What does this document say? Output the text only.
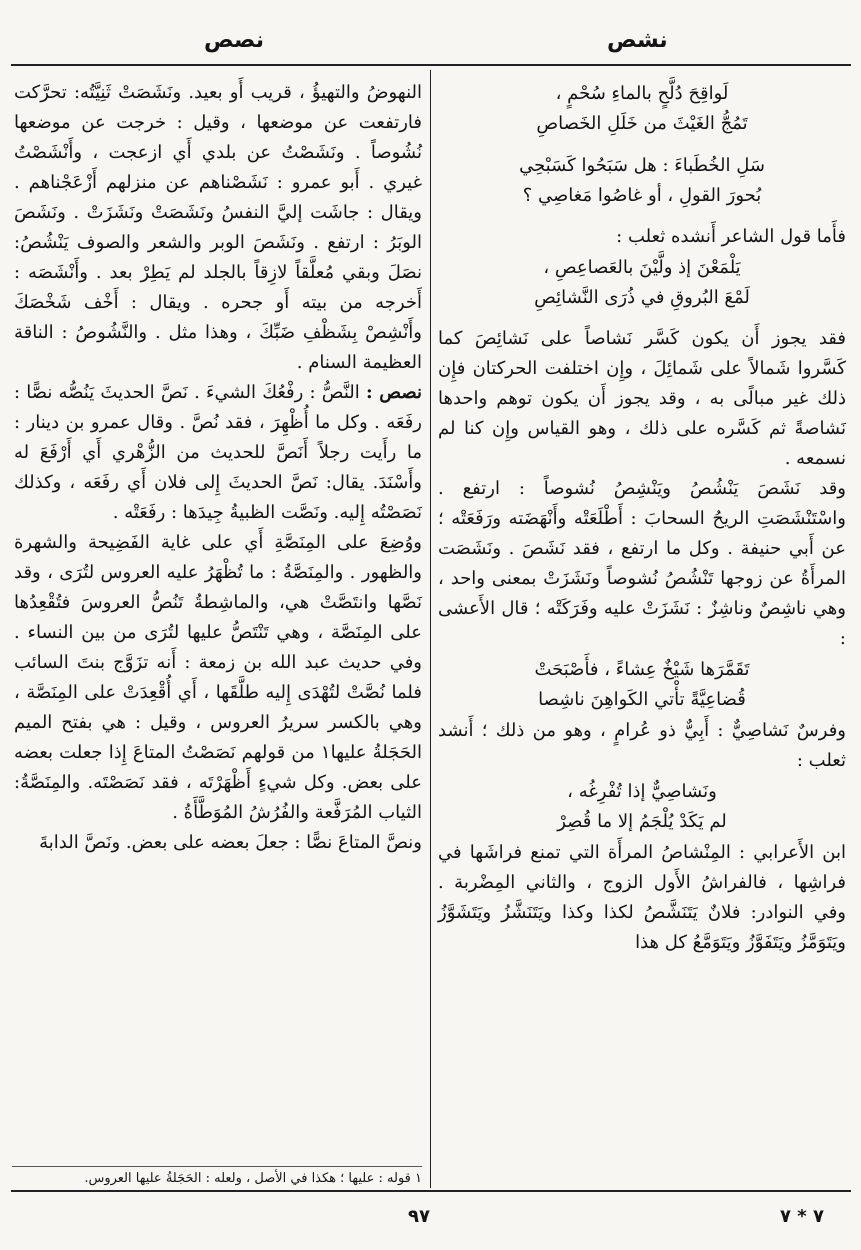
نشص
نصص

لَواقِحَ دُلَّحٍ بالماءِ سُحْمٍ ،

تَمُجُّ الغَيْثَ من خَلَلِ الخَصاصِ

سَلِ الخُطَباءَ : هل سَبَحُوا كَسَبْحِي

بُحورَ القولِ ، أو غاصُوا مَغاصِي ؟

فأَما قول الشاعر أَنشده ثعلب :

يَلْمَعْنَ إذ ولَّيْنَ بالعَصاعِصِ ،

لَمْعَ البُروقِ في ذُرَى النَّشائِصِ

فقد يجوز أَن يكون كَسَّر نَشاصاً على نَشائِصَ كما كَسَّروا شَمالاً على شَمائِلَ ، وإِن اختلفت الحركتان فإِن ذلك غير مبالًى به ، وقد يجوز أَن يكون توهم واحدها نَشاصةً ثم كَسَّره على ذلك ، وهو القياس وإِن كنا لم نسمعه .

وقد نَشَصَ يَنْشُصُ ويَنْشِصُ نُشوصاً : ارتفع . واسْتَنْشَصَتِ الريحُ السحابَ : أَطْلَعَتْه وأَنْهَضَته ورَفَعَتْه ؛ عن أَبي حنيفة . وكل ما ارتفع ، فقد نَشَصَ . ونَشَصَت المرأَةُ عن زوجها تَنْشُصُ نُشوصاً ونَشَزَتْ بمعنى واحد ، وهي ناشِصٌ وناشِزٌ : نَشَزَتْ عليه وفَرَكَتْه ؛ قال الأَعشى :

تَقَمَّرَها شَيْخٌ عِشاءً ، فأَصْبَحَتْ

قُضاعِيَّةً تأْتي الكَواهِنَ ناشِصا

وفرسٌ نَشاصِيٌّ : أَبِيٌّ ذو عُرامٍ ، وهو من ذلك ؛ أَنشد ثعلب :

ونَشاصِيٌّ إذا تُفْرِغُه ،

لم يَكَدْ يُلْجَمُ إلا ما قُصِرْ

ابن الأَعرابي : المِنْشاصُ المرأَة التي تمنع فراشَها في فراشِها ، فالفراشُ الأَول الزوج ، والثاني المِضْربة . وفي النوادر: فلانٌ يَتَنَشَّصُ لكذا وكذا ويَتَنَشَّزُ ويَتَشَوَّزُ ويَتَوَمَّزُ ويَتَفَوَّزُ ويَتَوَمَّعُ كل هذا

النهوضُ والتهيؤُ ، قريب أَو بعيد. ونَشَصَتْ ثَنِيَّتُه: تحرَّكت فارتفعت عن موضعها ، وقيل : خرجت عن موضعها نُشُوصاً . ونَشَصْتُ عن بلدي أَي ازعجت ، وأَنْشَصْتُ غيري . أَبو عمرو : نَشَصْناهم عن منزلهم أَزْعَجْناهم . ويقال : جاشَت إليَّ النفسُ ونَشَصَتْ ونَشَزَتْ . ونَشَصَ الوبَرُ : ارتفع . ونَشَصَ الوبر والشعر والصوف يَنْشُصُ: نصَلَ وبقي مُعلَّقاً لازِقاً بالجلد لم يَطِرْ بعد . وأَنْشَصَه : أَخرجه من بيته أَو جحره . ويقال : أَخْف شَخْصَكَ وأَنْشِصْ بِشَظْفِ ضَبِّكَ ، وهذا مثل . والنَّشُوصُ : الناقة العظيمة السنام .

نصص : النَّصُّ : رفْعُكَ الشيءَ . نَصَّ الحديثَ يَنُصُّه نصًّا : رفَعَه . وكل ما أُظْهِرَ ، فقد نُصَّ . وقال عمرو بن دينار : ما رأَيت رجلاً أَنَصَّ للحديث من الزُّهْري أَي أَرْفَعَ له وأَسْنَدَ. يقال: نَصَّ الحديثَ إِلى فلان أَي رفَعَه ، وكذلك نَصَصْتُه إِليه. ونَصَّت الظبيةُ جِيدَها : رفَعَتْه .

ووُضِعَ على المِنَصَّةِ أَي على غاية الفَضِيحة والشهرة والظهور . والمِنَصَّةُ : ما تُظْهَرُ عليه العروس لتُرَى ، وقد نَصَّها وانتَصَّتْ هي، والماشِطةُ تَنُصُّ العروسَ فتُقْعِدُها على المِنَصَّة ، وهي تَنْتَصُّ عليها لتُرَى من بين النساء . وفي حديث عبد الله بن زمعة : أَنه تزَوَّج بنتَ السائب فلما نُصَّتْ لتُهْدَى إِليه طلَّقَها ، أَي أُقْعِدَتْ على المِنَصَّة ، وهي بالكسر سريرُ العروس ، وقيل : هي بفتح الميم الحَجَلةُ عليها١ من قولهم نَصَصْتُ المتاعَ إِذا جعلت بعضه على بعض. وكل شيءٍ أَظْهَرْتَه ، فقد نَصَصْتَه. والمِنَصَّةُ: الثياب المُرَفَّعة والفُرُشُ المُوَطَّأَةُ .

ونصَّ المتاعَ نصًّا : جعلَ بعضه على بعض. ونَصَّ الدابةَ

١ قوله : عليها ؛ هكذا في الأصل ، ولعله : الحَجَلةُ عليها العروس.
٩٧	٧ * ٧
